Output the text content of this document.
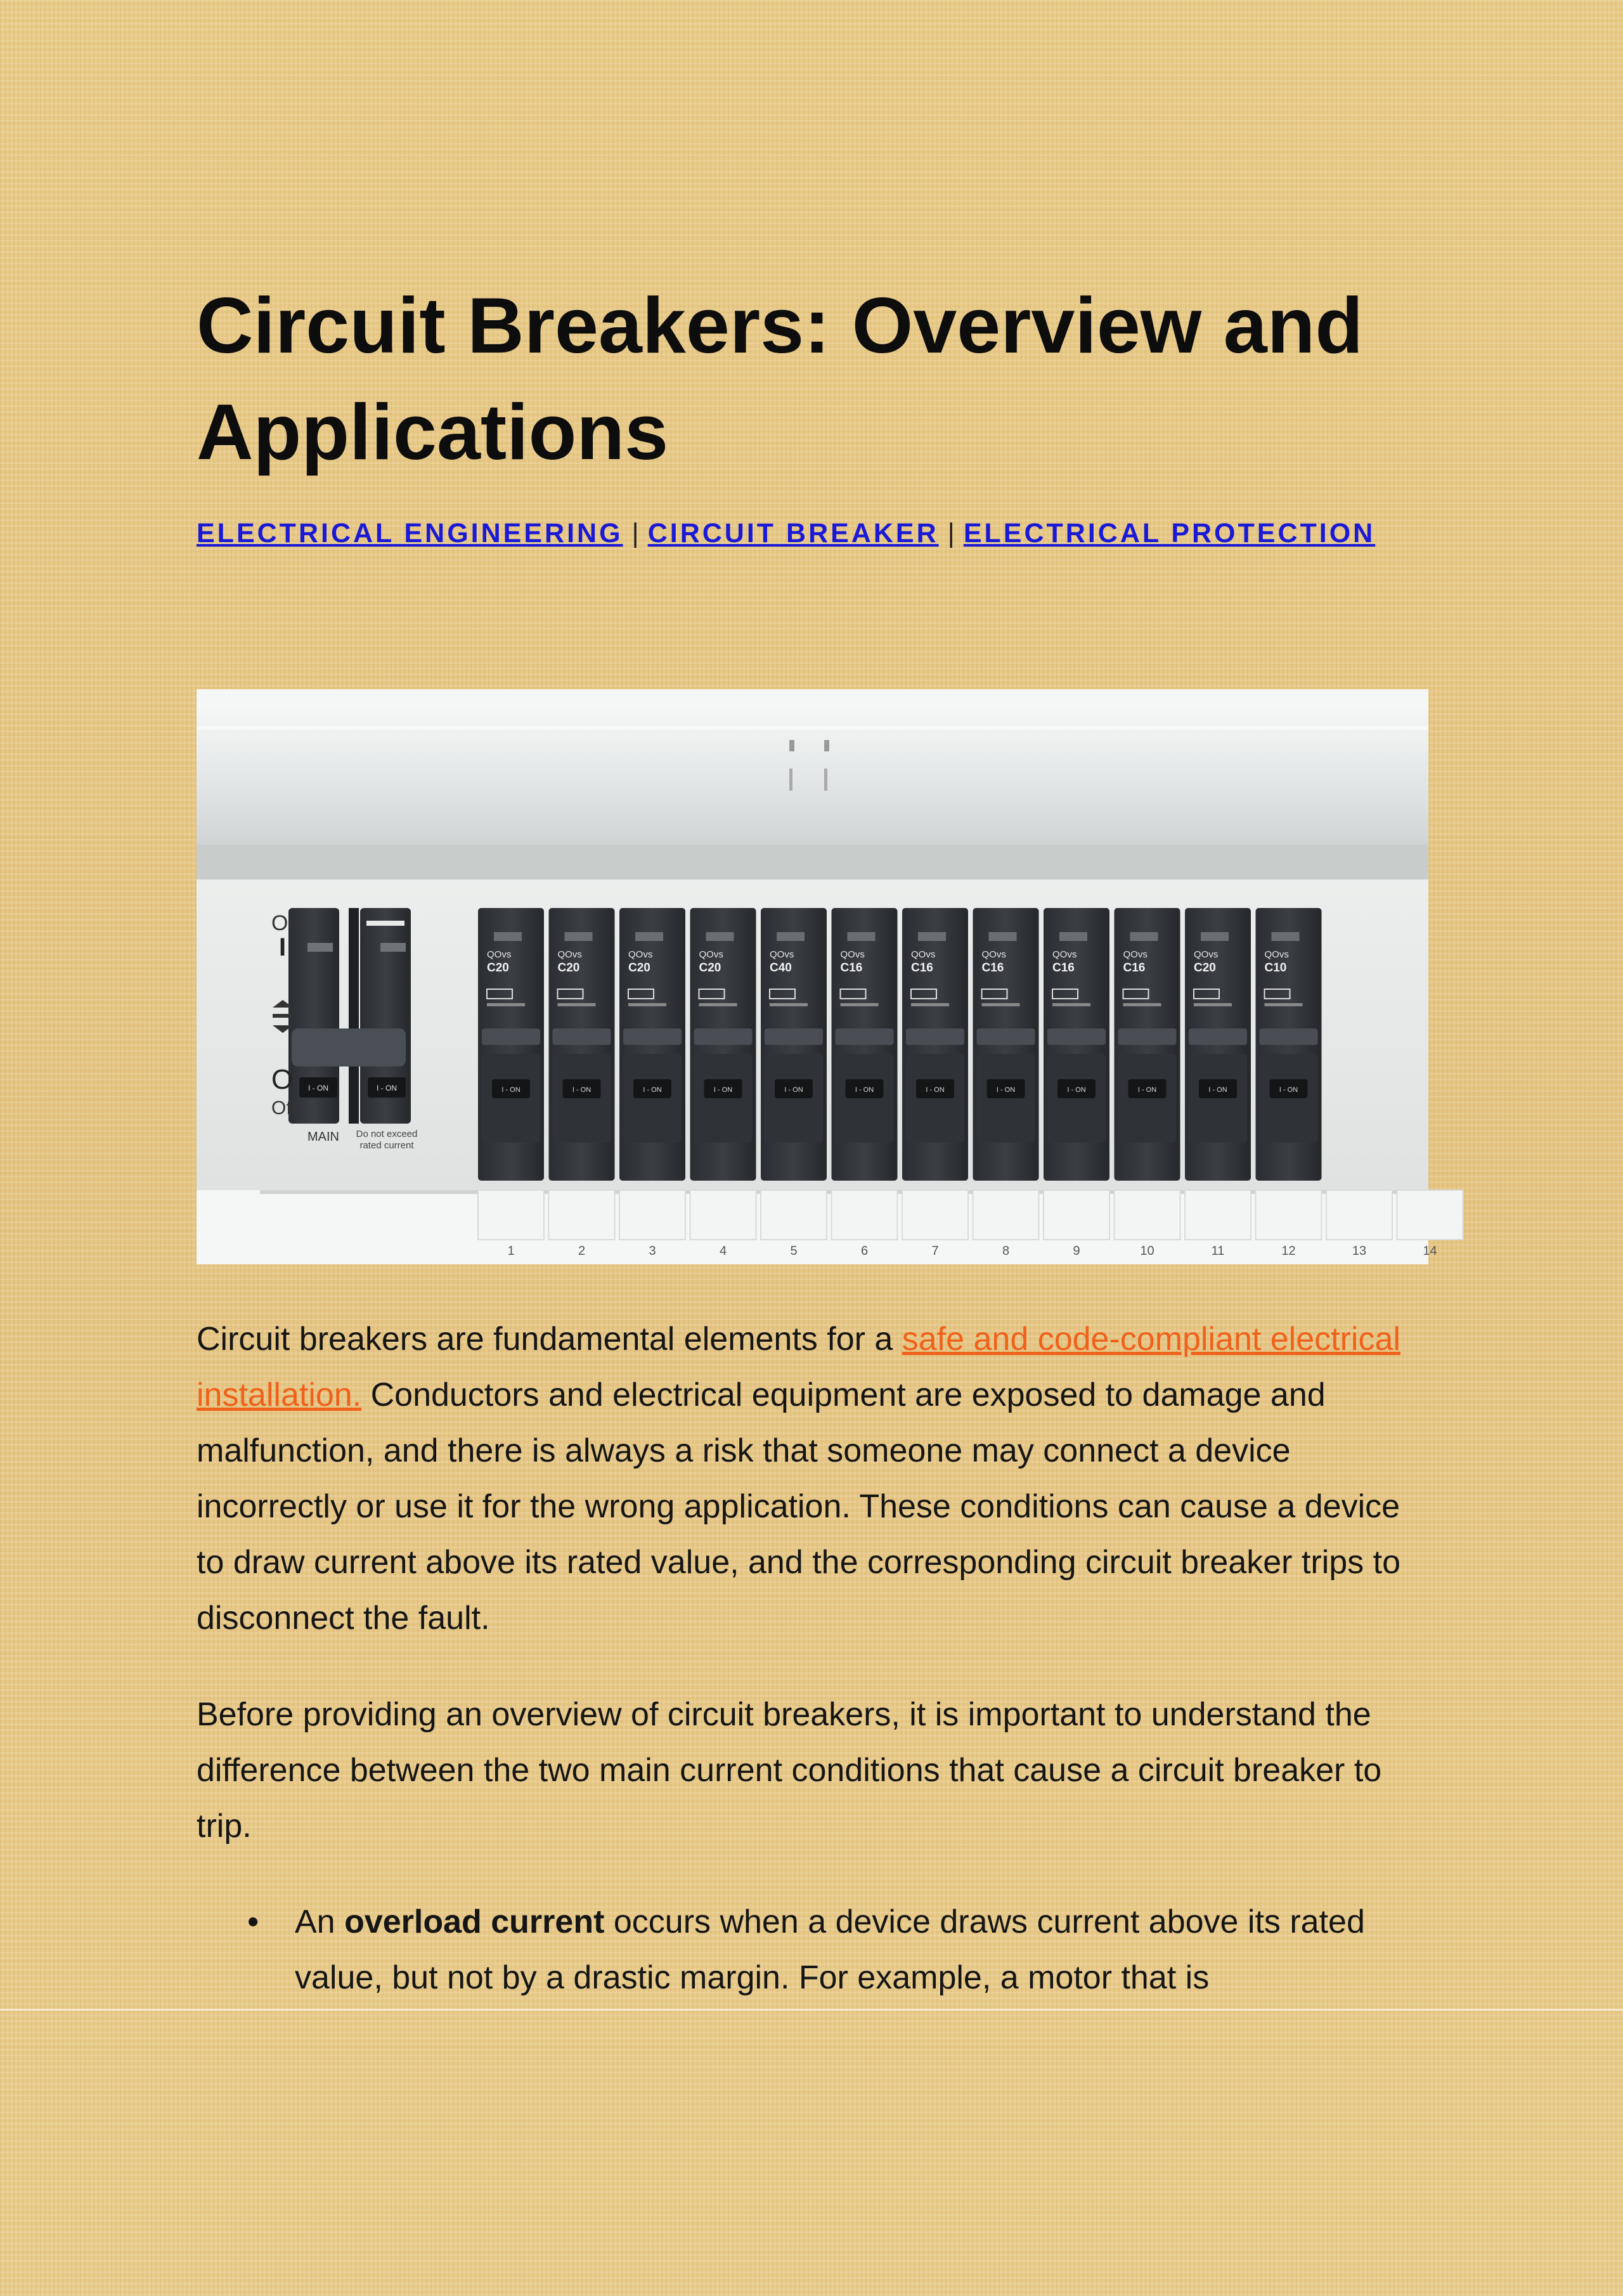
Circuit Breakers: Overview and Applications
ELECTRICAL ENGINEERING | CIRCUIT BREAKER | ELECTRICAL PROTECTION
I - ON	I - ON
On
I
O
Off
MAIN Do not exceed
rated current
QOvs
C20
I - ON
QOvs
C20
I - ON
QOvs
C20
I - ON
QOvs
C20
I - ON
QOvs
C40
I - ON
QOvs
C16
I - ON
QOvs
C16
I - ON
QOvs
C16
I - ON
QOvs
C16
I - ON
QOvs
C16
I - ON
QOvs
C20
I - ON
QOvs
C10
I - ON
1	2	3	4	5	6	7	8	9	10	11	12	13	14

Circuit breakers are fundamental elements for a safe and code-compliant electrical installation. Conductors and electrical equipment are exposed to damage and malfunction, and there is always a risk that someone may connect a device incorrectly or use it for the wrong application. These conditions can cause a device to draw current above its rated value, and the corresponding circuit breaker trips to disconnect the fault.

Before providing an overview of circuit breakers, it is important to understand the difference between the two main current conditions that cause a circuit breaker to trip.

• An overload current occurs when a device draws current above its rated value, but not by a drastic margin. For example, a motor that is
